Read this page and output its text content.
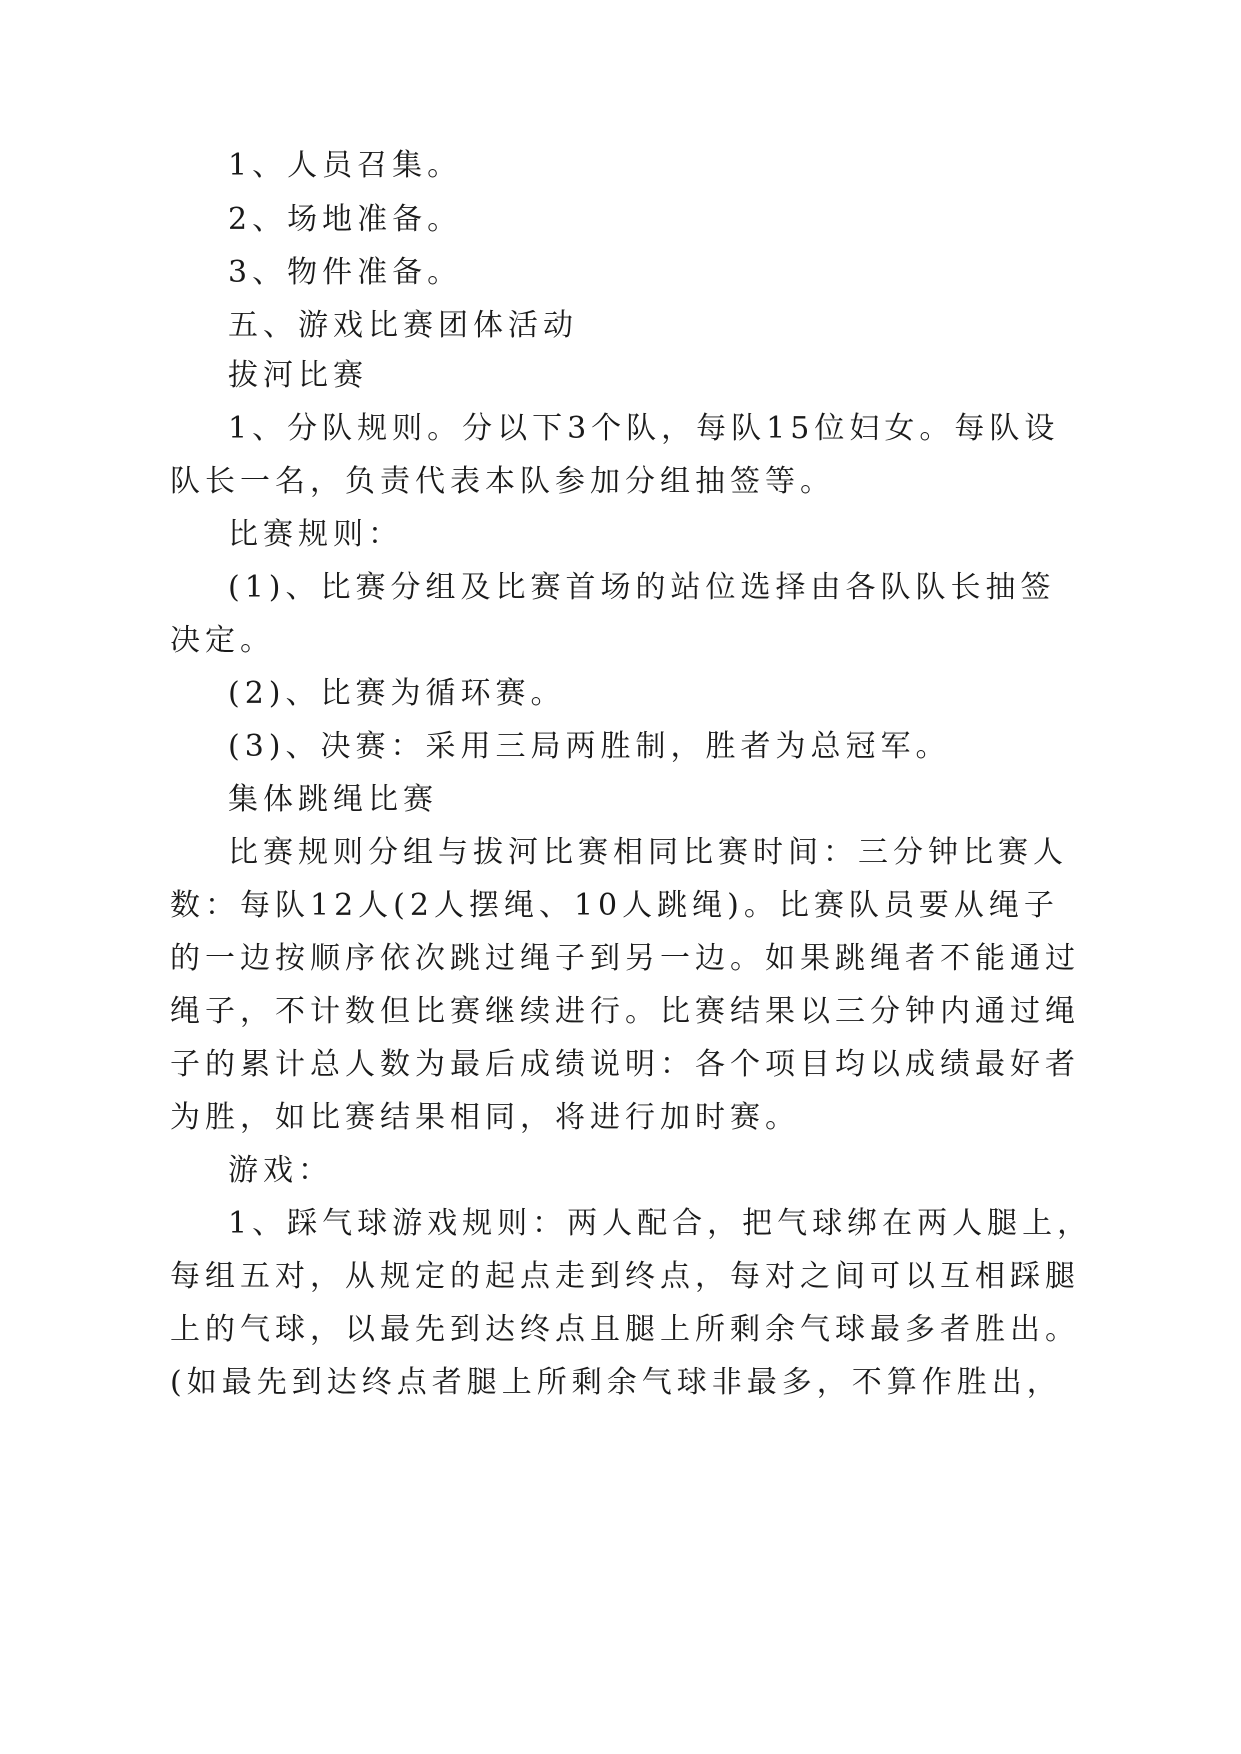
1、人员召集。
2、场地准备。
3、物件准备。
五、游戏比赛团体活动
拔河比赛
1、分队规则。分以下3个队，每队15位妇女。每队设
队长一名，负责代表本队参加分组抽签等。
比赛规则：
(1)、比赛分组及比赛首场的站位选择由各队队长抽签
决定。
(2)、比赛为循环赛。
(3)、决赛：采用三局两胜制，胜者为总冠军。
集体跳绳比赛
比赛规则分组与拔河比赛相同比赛时间：三分钟比赛人
数：每队12人(2人摆绳、10人跳绳)。比赛队员要从绳子
的一边按顺序依次跳过绳子到另一边。如果跳绳者不能通过
绳子，不计数但比赛继续进行。比赛结果以三分钟内通过绳
子的累计总人数为最后成绩说明：各个项目均以成绩最好者
为胜，如比赛结果相同，将进行加时赛。
游戏：
1、踩气球游戏规则：两人配合，把气球绑在两人腿上，
每组五对，从规定的起点走到终点，每对之间可以互相踩腿
上的气球，以最先到达终点且腿上所剩余气球最多者胜出。
(如最先到达终点者腿上所剩余气球非最多，不算作胜出，
